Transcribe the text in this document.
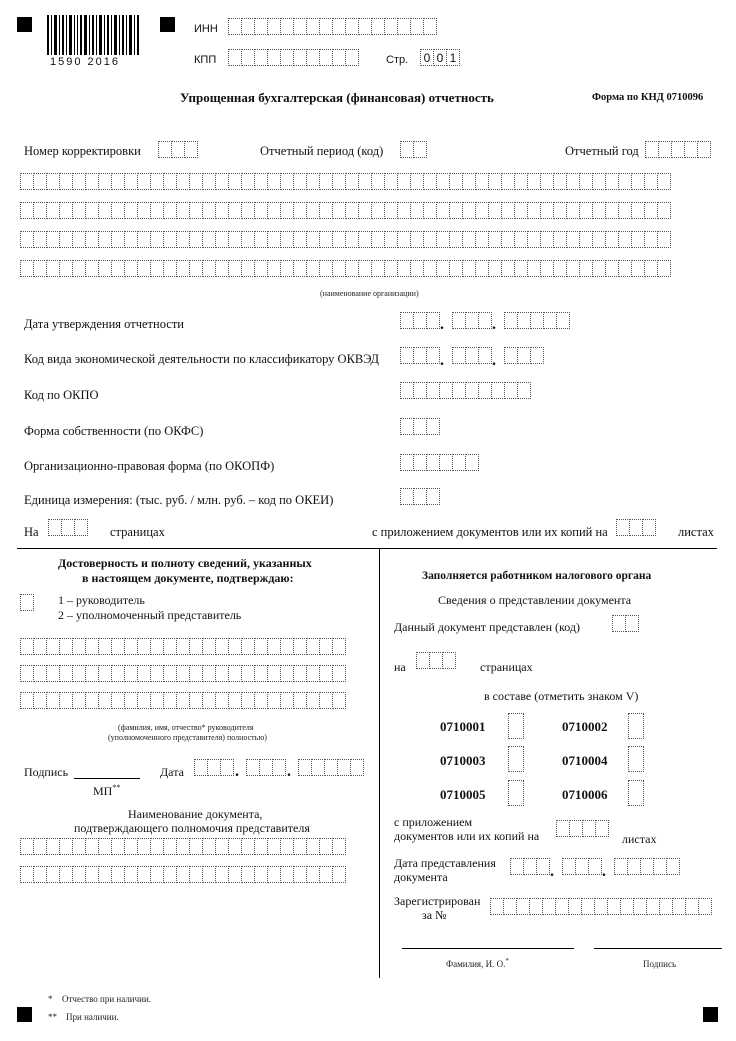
1590 2016
ИНН
КПП	Стр.	0 0 1
Упрощенная бухгалтерская (финансовая) отчетность	Форма по КНД 0710096
Номер корректировки	Отчетный период (код)	Отчетный год
(наименование организации)
Дата утверждения отчетности	.	.
Код вида экономической деятельности по классификатору ОКВЭД	.	.
Код по ОКПО
Форма собственности (по ОКФС)
Организационно-правовая форма (по ОКОПФ)
Единица измерения: (тыс. руб. / млн. руб. – код по ОКЕИ)
На	страницах	с приложением документов или их копий на	листах
Достоверность и полноту сведений, указанных
в настоящем документе, подтверждаю:
1 – руководитель
2 – уполномоченный представитель
(фамилия, имя, отчество* руководителя
(уполномоченного представителя) полностью)
Подпись	Дата	.	.
МП**
Наименование документа,
подтверждающего полномочия представителя
Заполняется работником налогового органа
Сведения о представлении документа
Данный документ представлен (код)
на	страницах
в составе (отметить знаком V)
0710001	0710002
0710003	0710004
0710005	0710006
с приложением
документов или их копий на	листах
Дата представления
документа	.	.
Зарегистрирован
за №
Фамилия, И. О.*	Подпись
* Отчество при наличии.
** При наличии.
